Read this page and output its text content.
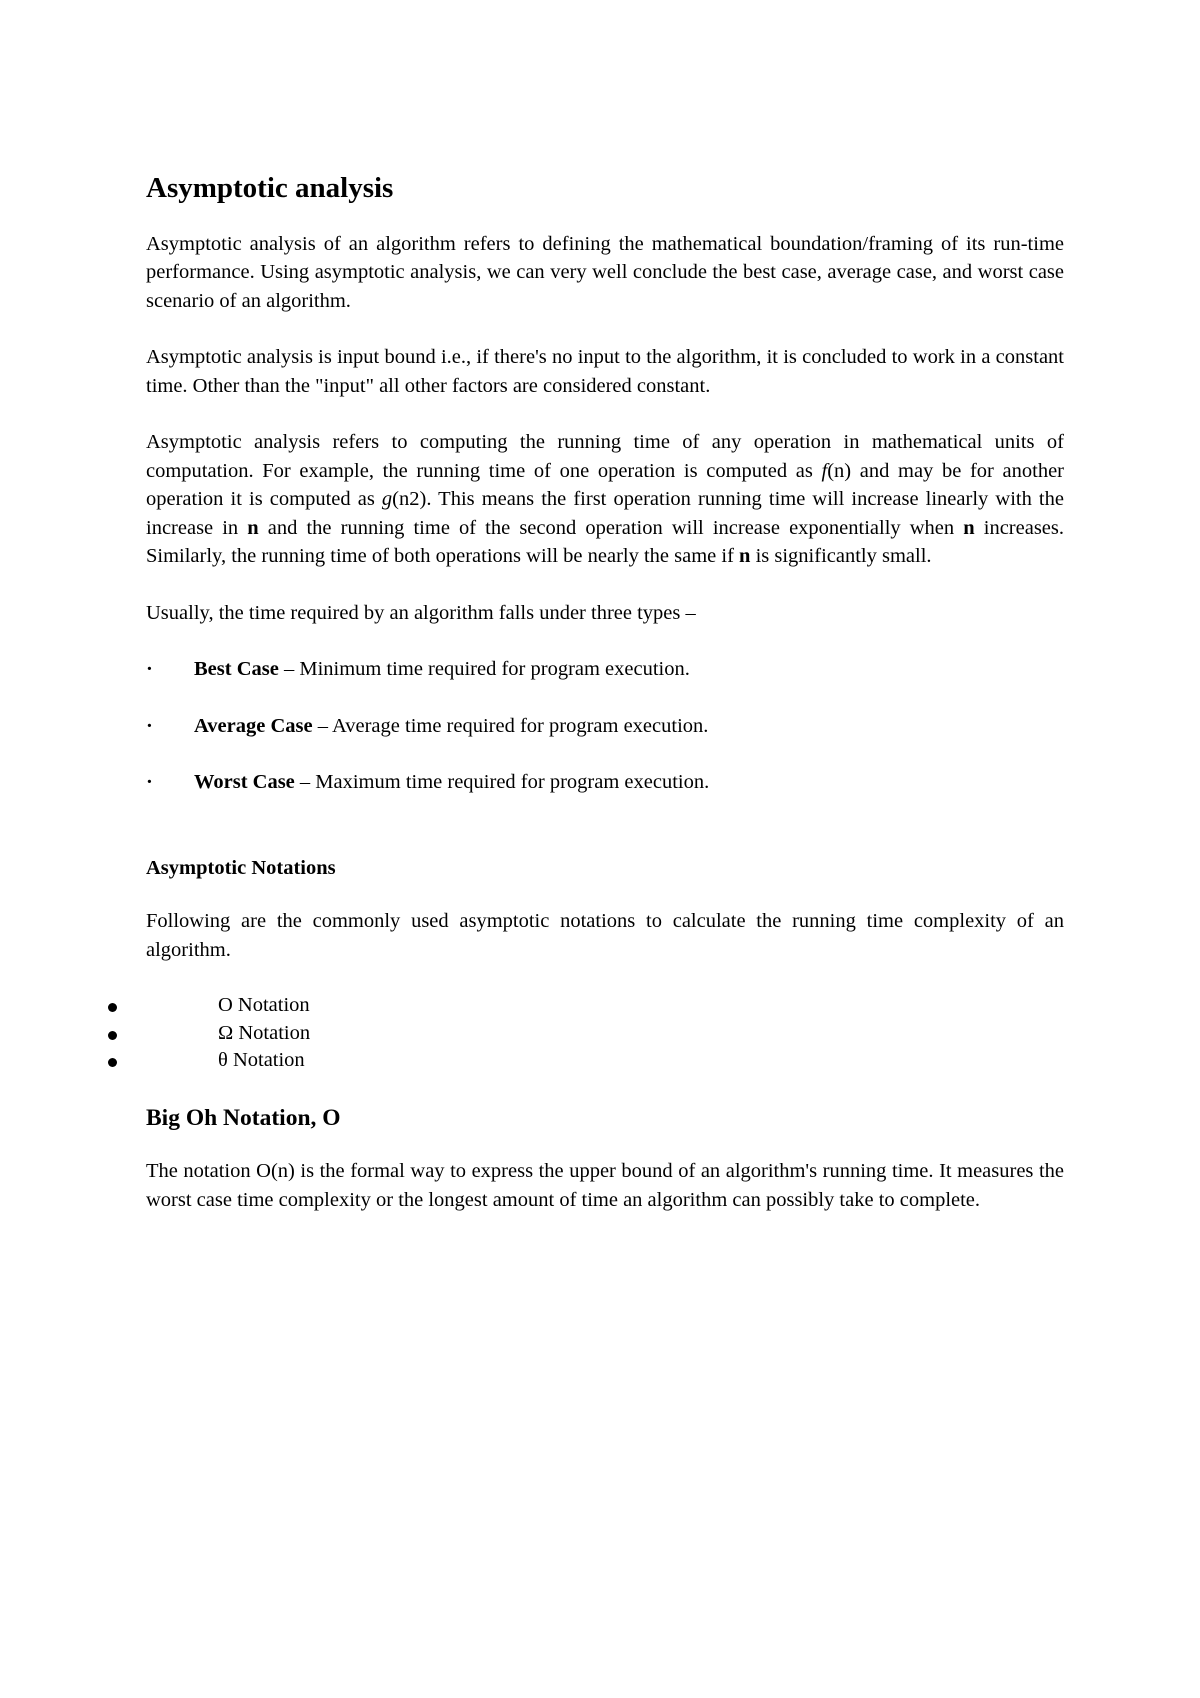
Asymptotic analysis

Asymptotic analysis of an algorithm refers to defining the mathematical boundation/framing of its run-time performance. Using asymptotic analysis, we can very well conclude the best case, average case, and worst case scenario of an algorithm.

Asymptotic analysis is input bound i.e., if there's no input to the algorithm, it is concluded to work in a constant time. Other than the "input" all other factors are considered constant.

Asymptotic analysis refers to computing the running time of any operation in mathematical units of computation. For example, the running time of one operation is computed as f(n) and may be for another operation it is computed as g(n2). This means the first operation running time will increase linearly with the increase in n and the running time of the second operation will increase exponentially when n increases. Similarly, the running time of both operations will be nearly the same if n is significantly small.

Usually, the time required by an algorithm falls under three types –

· Best Case – Minimum time required for program execution.
· Average Case – Average time required for program execution.
· Worst Case – Maximum time required for program execution.
Asymptotic Notations

Following are the commonly used asymptotic notations to calculate the running time complexity of an algorithm.

Ο Notation
Ω Notation
θ Notation
Big Oh Notation, Ο

The notation Ο(n) is the formal way to express the upper bound of an algorithm's running time. It measures the worst case time complexity or the longest amount of time an algorithm can possibly take to complete.
